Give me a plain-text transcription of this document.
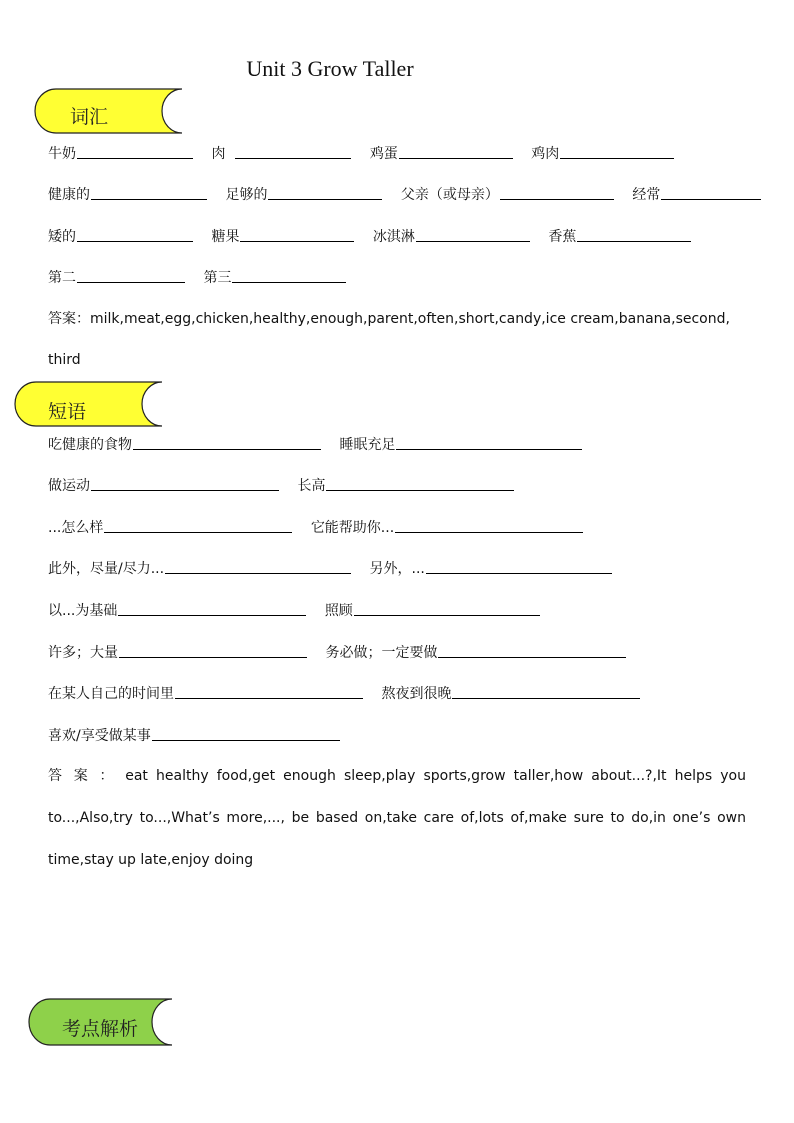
Unit 3 Grow Taller
词汇
牛奶	肉	鸡蛋	鸡肉
健康的	足够的	父亲（或母亲）	经常
矮的	糖果	冰淇淋	香蕉
第二	第三
答案：milk,meat,egg,chicken,healthy,enough,parent,often,short,candy,ice cream,banana,second,
third
短语
吃健康的食物	睡眠充足
做运动	长高
...怎么样	它能帮助你...
此外，尽量/尽力...	另外，...
以...为基础	照顾
许多；大量	务必做；一定要做
在某人自己的时间里	熬夜到很晚
喜欢/享受做某事
答 案 ： eat healthy food,get enough sleep,play sports,grow taller,how about...?,It helps you
to...,Also,try to...,What’s more,..., be based on,take care of,lots of,make sure to do,in one’s own
time,stay up late,enjoy doing
考点解析
